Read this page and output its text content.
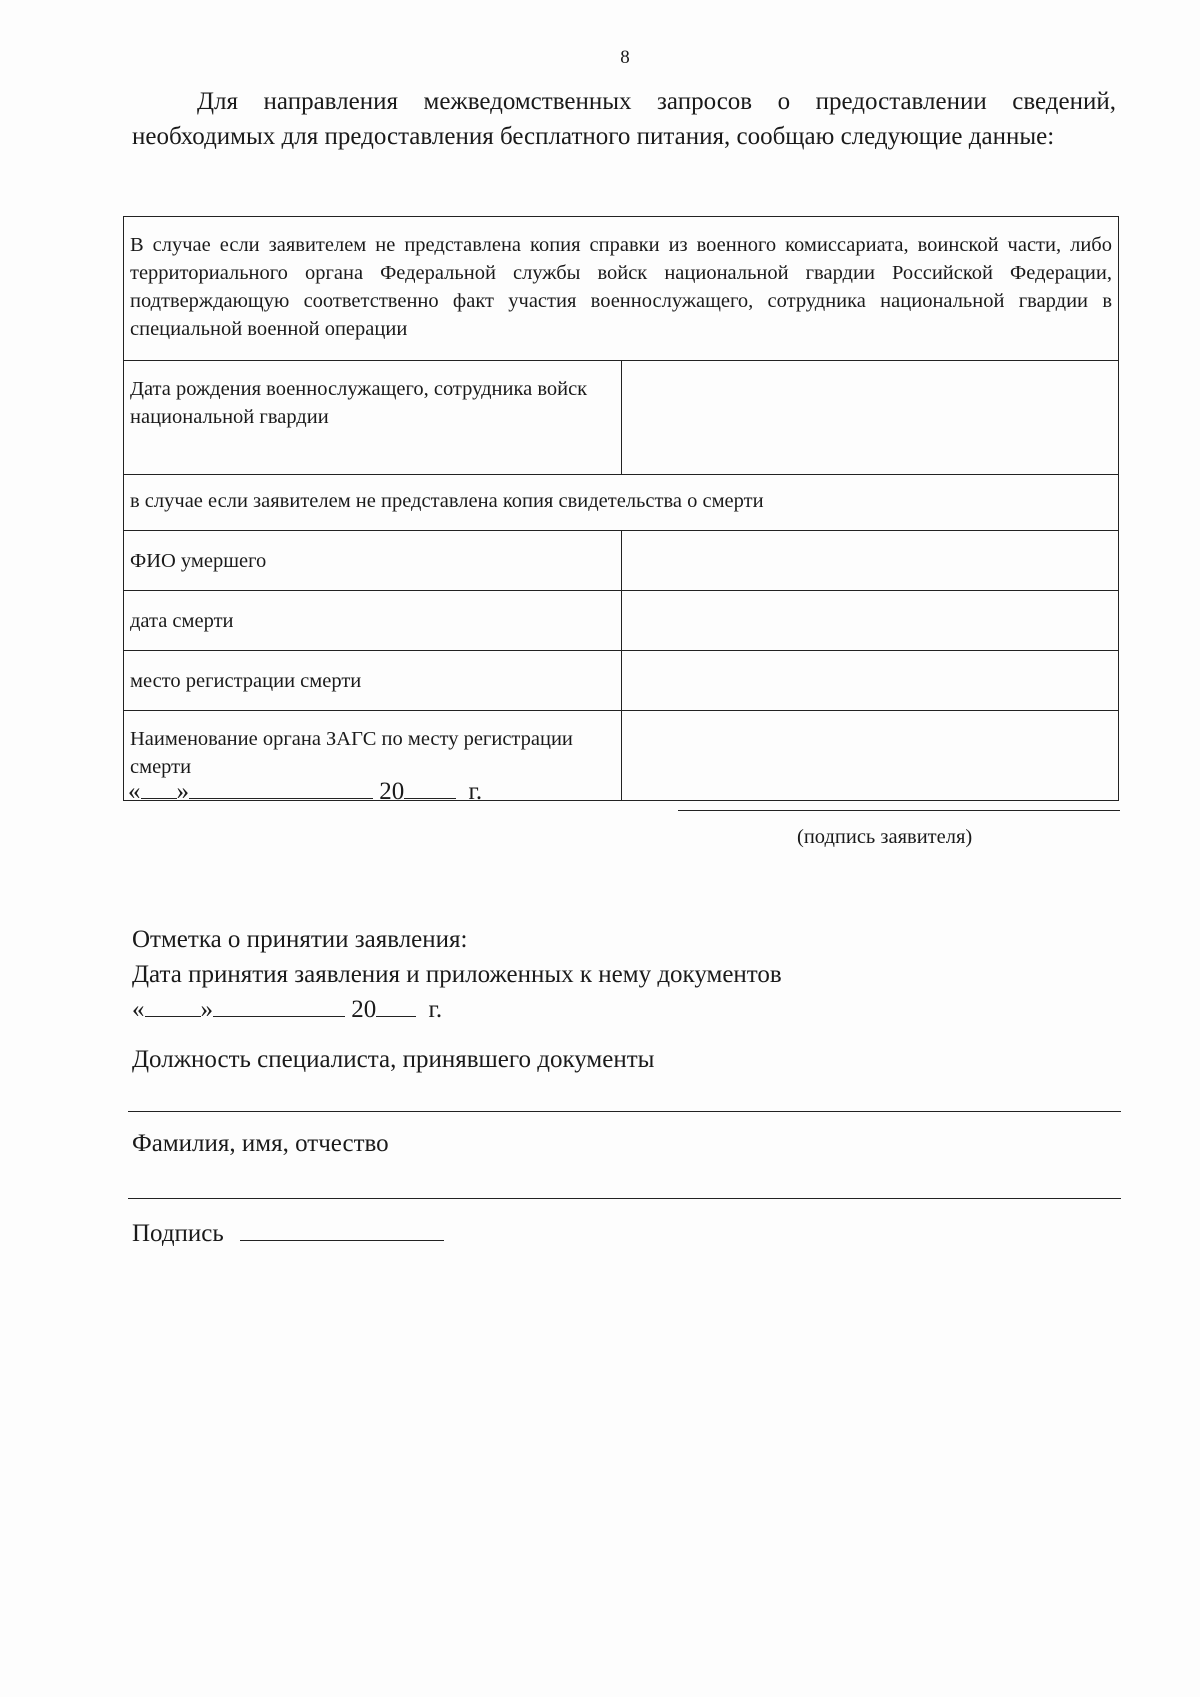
8

Для направления межведомственных запросов о предоставлении сведений, необходимых для предоставления бесплатного питания, сообщаю следующие данные:

В случае если заявителем не представлена копия справки из военного комиссариата, воинской части, либо территориального органа Федеральной службы войск национальной гвардии Российской Федерации, подтверждающую соответственно факт участия военнослужащего, сотрудника национальной гвардии в специальной военной операции	
Дата рождения военнослужащего, сотрудника войск национальной гвардии	
в случае если заявителем не представлена копия свидетельства о смерти	
ФИО умершего	
дата смерти	
место регистрации смерти	
Наименование органа ЗАГС по месту регистрации смерти	
« »	20	г.
(подпись заявителя)
Отметка о принятии заявления:
Дата принятия заявления и приложенных к нему документов
« »	20 г.
Должность специалиста, принявшего документы
Фамилия, имя, отчество
Подпись
